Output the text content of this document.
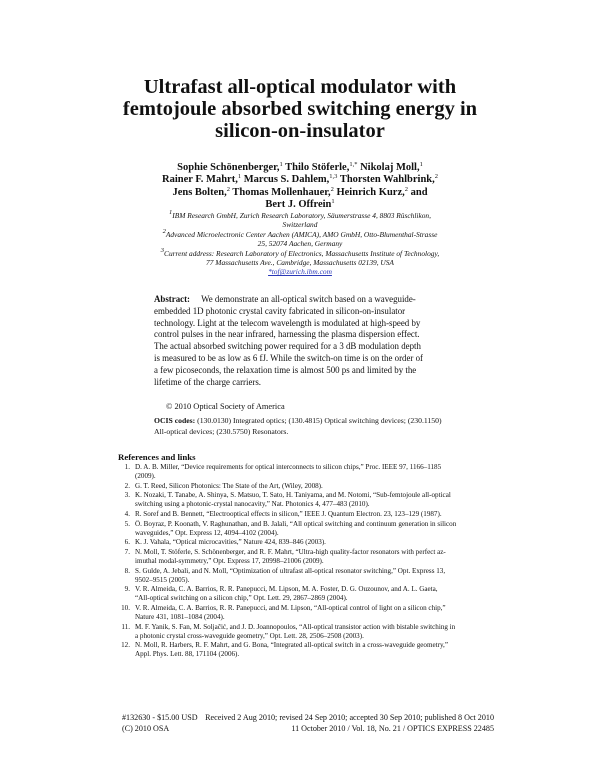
Ultrafast all-optical modulator with
femtojoule absorbed switching energy in
silicon-on-insulator
Sophie Schönenberger,$^1$ Thilo Stöferle,$^{1,*}$ Nikolaj Moll,$^1$
Rainer F. Mahrt,$^1$ Marcus S. Dahlem,$^{1,3}$ Thorsten Wahlbrink,$^2$
Jens Bolten,$^2$ Thomas Mollenhauer,$^2$ Heinrich Kurz,$^2$ and
Bert J. Offrein$^1$
$^1$IBM Research GmbH, Zurich Research Laboratory, Säumerstrasse 4, 8803 Rüschlikon,
Switzerland
$^2$Advanced Microelectronic Center Aachen (AMICA), AMO GmbH, Otto-Blumenthal-Strasse
25, 52074 Aachen, Germany
$^3$Current address: Research Laboratory of Electronics, Massachusetts Institute of Technology,
77 Massachusetts Ave., Cambridge, Massachusetts 02139, USA
*tof@zurich.ibm.com
Abstract: We demonstrate an all-optical switch based on a waveguide-
embedded 1D photonic crystal cavity fabricated in silicon-on-insulator
technology. Light at the telecom wavelength is modulated at high-speed by
control pulses in the near infrared, harnessing the plasma dispersion effect.
The actual absorbed switching power required for a 3 dB modulation depth
is measured to be as low as 6 fJ. While the switch-on time is on the order of
a few picoseconds, the relaxation time is almost 500 ps and limited by the
lifetime of the charge carriers.
© 2010 Optical Society of America
OCIS codes: (130.0130) Integrated optics; (130.4815) Optical switching devices; (230.1150)
All-optical devices; (230.5750) Resonators.
References and links
1. D. A. B. Miller, “Device requirements for optical interconnects to silicon chips,” Proc. IEEE 97, 1166–1185
(2009).
2. G. T. Reed, Silicon Photonics: The State of the Art, (Wiley, 2008).
3. K. Nozaki, T. Tanabe, A. Shinya, S. Matsuo, T. Sato, H. Taniyama, and M. Notomi, “Sub-femtojoule all-optical
switching using a photonic-crystal nanocavity,” Nat. Photonics 4, 477–483 (2010).
4. R. Soref and B. Bennett, “Electrooptical effects in silicon,” IEEE J. Quantum Electron. 23, 123–129 (1987).
5. Ö. Boyraz, P. Koonath, V. Raghunathan, and B. Jalali, “All optical switching and continuum generation in silicon
waveguides,” Opt. Express 12, 4094–4102 (2004).
6. K. J. Vahala, “Optical microcavities,” Nature 424, 839–846 (2003).
7. N. Moll, T. Stöferle, S. Schönenberger, and R. F. Mahrt, “Ultra-high quality-factor resonators with perfect az-
imuthal modal-symmetry,” Opt. Express 17, 20998–21006 (2009).
8. S. Gulde, A. Jebali, and N. Moll, “Optimization of ultrafast all-optical resonator switching,” Opt. Express 13,
9502–9515 (2005).
9. V. R. Almeida, C. A. Barrios, R. R. Panepucci, M. Lipson, M. A. Foster, D. G. Ouzounov, and A. L. Gaeta,
“All-optical switching on a silicon chip,” Opt. Lett. 29, 2867–2869 (2004).
10. V. R. Almeida, C. A. Barrios, R. R. Panepucci, and M. Lipson, “All-optical control of light on a silicon chip,”
Nature 431, 1081–1084 (2004).
11. M. F. Yanik, S. Fan, M. Soljačić, and J. D. Joannopoulos, “All-optical transistor action with bistable switching in
a photonic crystal cross-waveguide geometry,” Opt. Lett. 28, 2506–2508 (2003).
12. N. Moll, R. Harbers, R. F. Mahrt, and G. Bona, “Integrated all-optical switch in a cross-waveguide geometry,”
Appl. Phys. Lett. 88, 171104 (2006).
#132630 - $15.00 USD Received 2 Aug 2010; revised 24 Sep 2010; accepted 30 Sep 2010; published 8 Oct 2010
(C) 2010 OSA	11 October 2010 / Vol. 18, No. 21 / OPTICS EXPRESS 22485
